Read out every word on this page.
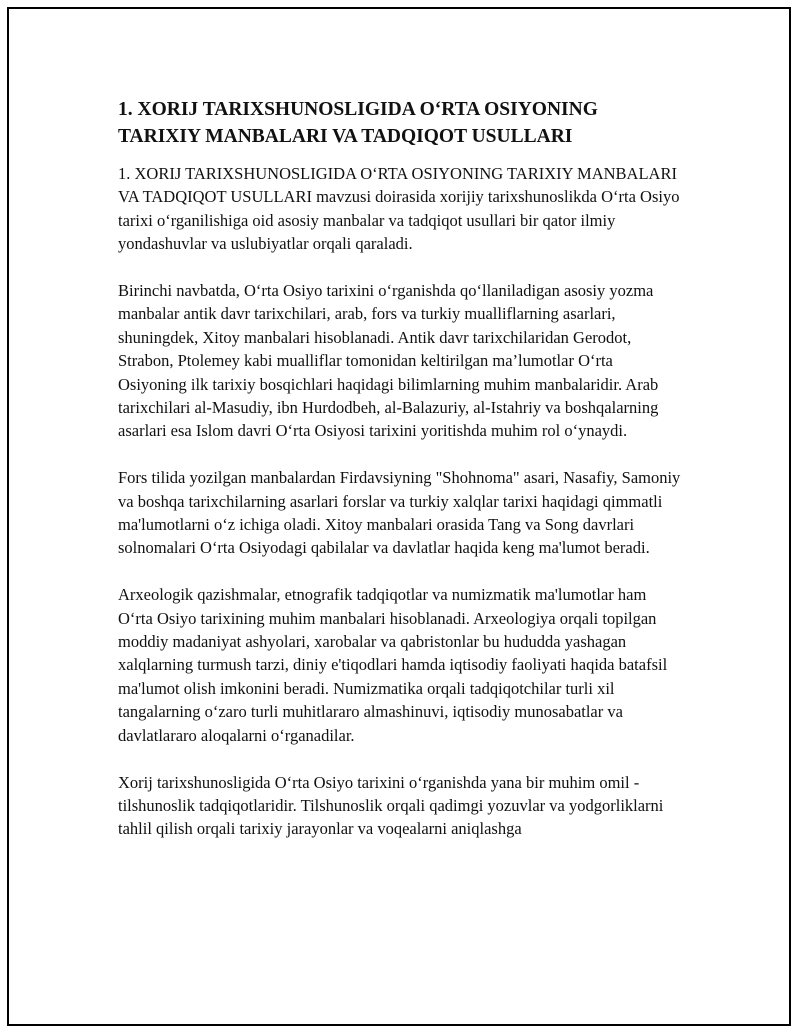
1. XORIJ TARIXSHUNOSLIGIDA O‘RTA OSIYONING TARIXIY MANBALARI VA TADQIQOT USULLARI

1. XORIJ TARIXSHUNOSLIGIDA O‘RTA OSIYONING TARIXIY MANBALARI VA TADQIQOT USULLARI mavzusi doirasida xorijiy tarixshunoslikda O‘rta Osiyo tarixi o‘rganilishiga oid asosiy manbalar va tadqiqot usullari bir qator ilmiy yondashuvlar va uslubiyatlar orqali qaraladi.

Birinchi navbatda, O‘rta Osiyo tarixini o‘rganishda qo‘llaniladigan asosiy yozma manbalar antik davr tarixchilari, arab, fors va turkiy mualliflarning asarlari, shuningdek, Xitoy manbalari hisoblanadi. Antik davr tarixchilaridan Gerodot, Strabon, Ptolemey kabi mualliflar tomonidan keltirilgan ma’lumotlar O‘rta Osiyoning ilk tarixiy bosqichlari haqidagi bilimlarning muhim manbalaridir. Arab tarixchilari al-Masudiy, ibn Hurdodbeh, al-Balazuriy, al-Istahriy va boshqalarning asarlari esa Islom davri O‘rta Osiyosi tarixini yoritishda muhim rol o‘ynaydi.

Fors tilida yozilgan manbalardan Firdavsiyning "Shohnoma" asari, Nasafiy, Samoniy va boshqa tarixchilarning asarlari forslar va turkiy xalqlar tarixi haqidagi qimmatli ma'lumotlarni o‘z ichiga oladi. Xitoy manbalari orasida Tang va Song davrlari solnomalari O‘rta Osiyodagi qabilalar va davlatlar haqida keng ma'lumot beradi.

Arxeologik qazishmalar, etnografik tadqiqotlar va numizmatik ma'lumotlar ham O‘rta Osiyo tarixining muhim manbalari hisoblanadi. Arxeologiya orqali topilgan moddiy madaniyat ashyolari, xarobalar va qabristonlar bu hududda yashagan xalqlarning turmush tarzi, diniy e'tiqodlari hamda iqtisodiy faoliyati haqida batafsil ma'lumot olish imkonini beradi. Numizmatika orqali tadqiqotchilar turli xil tangalarning o‘zaro turli muhitlararo almashinuvi, iqtisodiy munosabatlar va davlatlararo aloqalarni o‘rganadilar.

Xorij tarixshunosligida O‘rta Osiyo tarixini o‘rganishda yana bir muhim omil - tilshunoslik tadqiqotlaridir. Tilshunoslik orqali qadimgi yozuvlar va yodgorliklarni tahlil qilish orqali tarixiy jarayonlar va voqealarni aniqlashga
